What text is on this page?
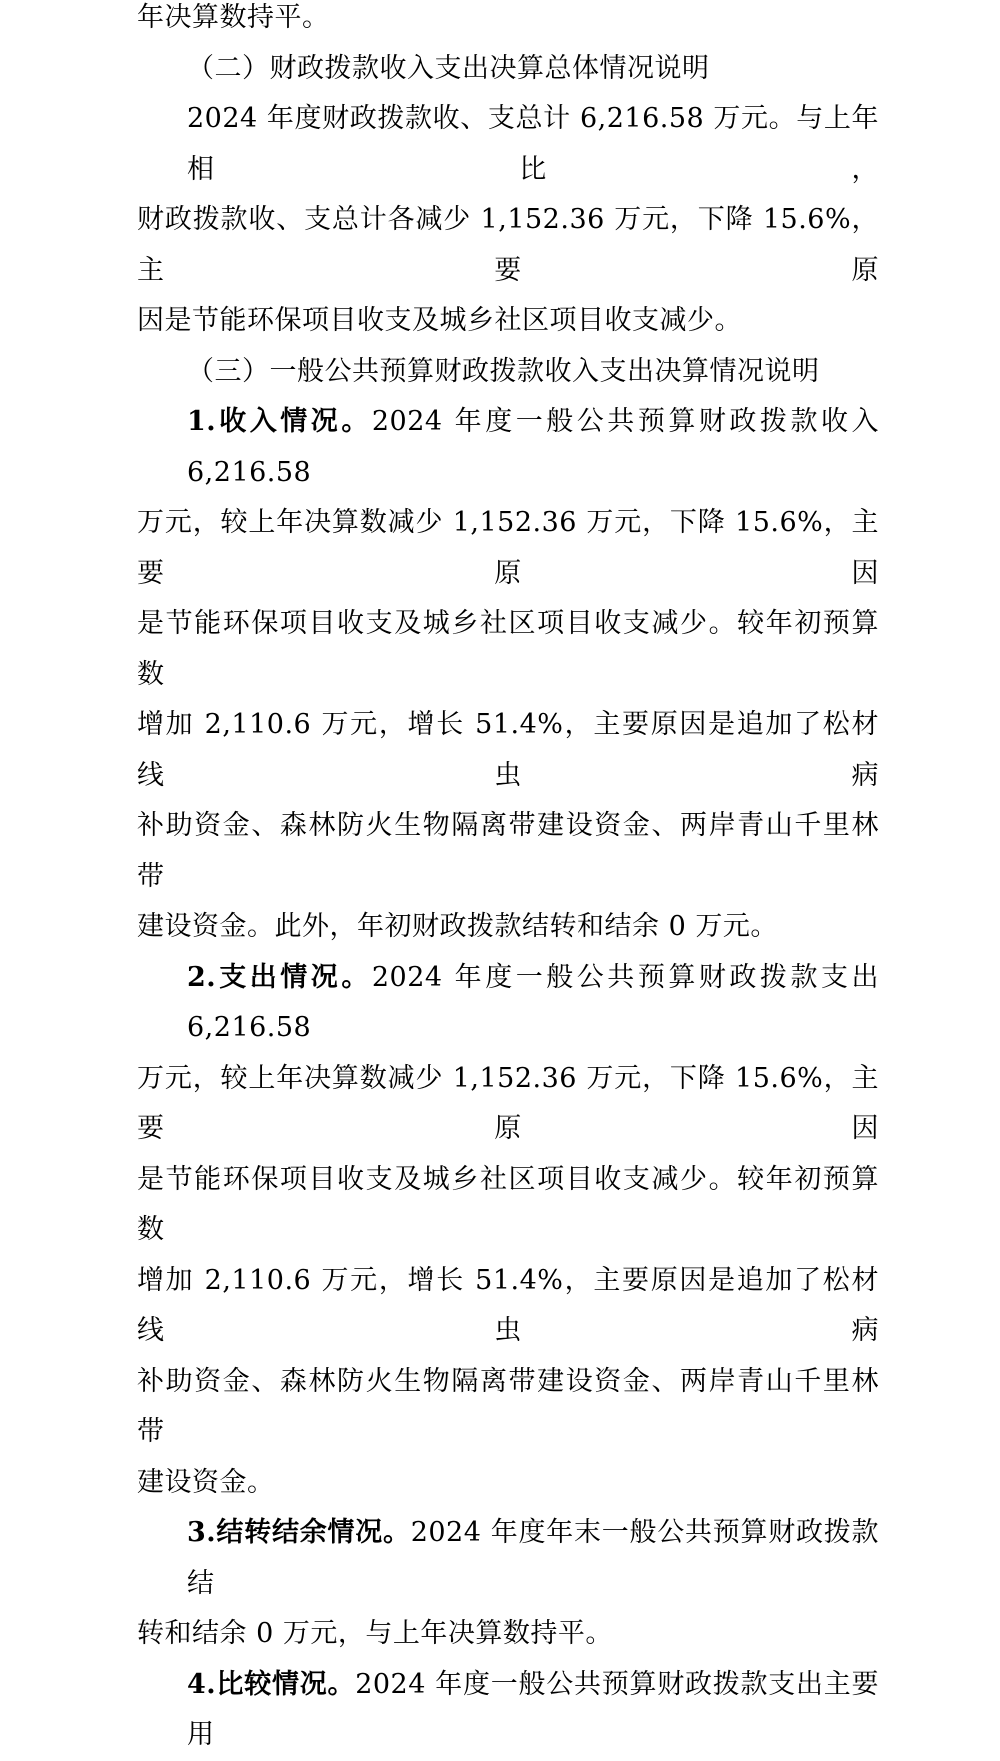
年决算数持平。
（二）财政拨款收入支出决算总体情况说明
2024 年度财政拨款收、支总计 6,216.58 万元。与上年相比，
财政拨款收、支总计各减少 1,152.36 万元，下降 15.6%，主要原
因是节能环保项目收支及城乡社区项目收支减少。
（三）一般公共预算财政拨款收入支出决算情况说明
1.收入情况。2024 年度一般公共预算财政拨款收入 6,216.58
万元，较上年决算数减少 1,152.36 万元，下降 15.6%，主要原因
是节能环保项目收支及城乡社区项目收支减少。较年初预算数
增加 2,110.6 万元，增长 51.4%，主要原因是追加了松材线虫病
补助资金、森林防火生物隔离带建设资金、两岸青山千里林带
建设资金。此外，年初财政拨款结转和结余 0 万元。
2.支出情况。2024 年度一般公共预算财政拨款支出 6,216.58
万元，较上年决算数减少 1,152.36 万元，下降 15.6%，主要原因
是节能环保项目收支及城乡社区项目收支减少。较年初预算数
增加 2,110.6 万元，增长 51.4%，主要原因是追加了松材线虫病
补助资金、森林防火生物隔离带建设资金、两岸青山千里林带
建设资金。
3.结转结余情况。2024 年度年末一般公共预算财政拨款结
转和结余 0 万元，与上年决算数持平。
4.比较情况。2024 年度一般公共预算财政拨款支出主要用
